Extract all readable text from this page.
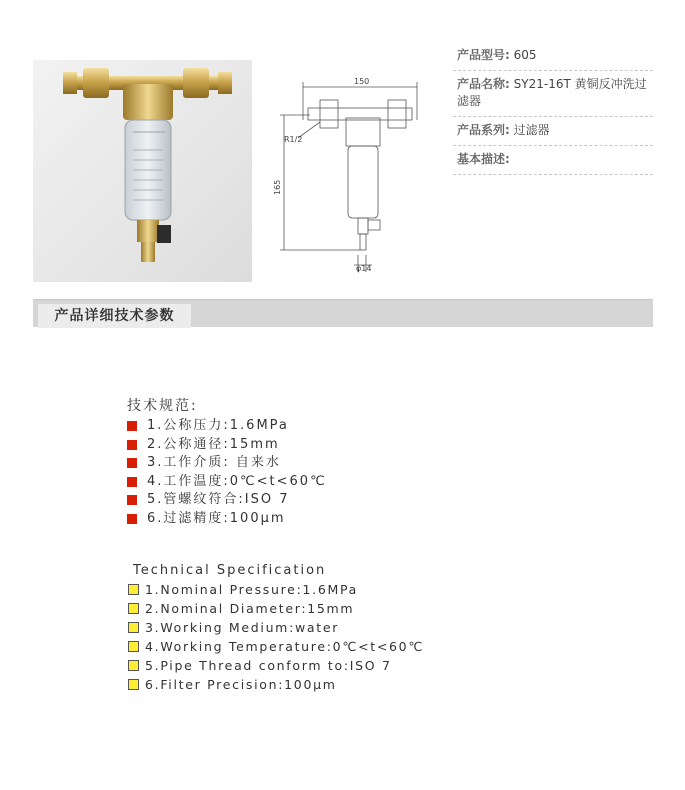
150
165
R1/2
φ14
产品型号: 605
产品名称: SY21-16T 黄铜反冲洗过滤器
产品系列: 过滤器
基本描述:
产品详细技术参数
技术规范:
1.公称压力:1.6MPa
2.公称通径:15mm
3.工作介质: 自来水
4.工作温度:0℃<t<60℃
5.管螺纹符合:ISO 7
6.过滤精度:100μm
Technical Specification
1.Nominal Pressure:1.6MPa
2.Nominal Diameter:15mm
3.Working Medium:water
4.Working Temperature:0℃<t<60℃
5.Pipe Thread conform to:ISO 7
6.Filter Precision:100μm
